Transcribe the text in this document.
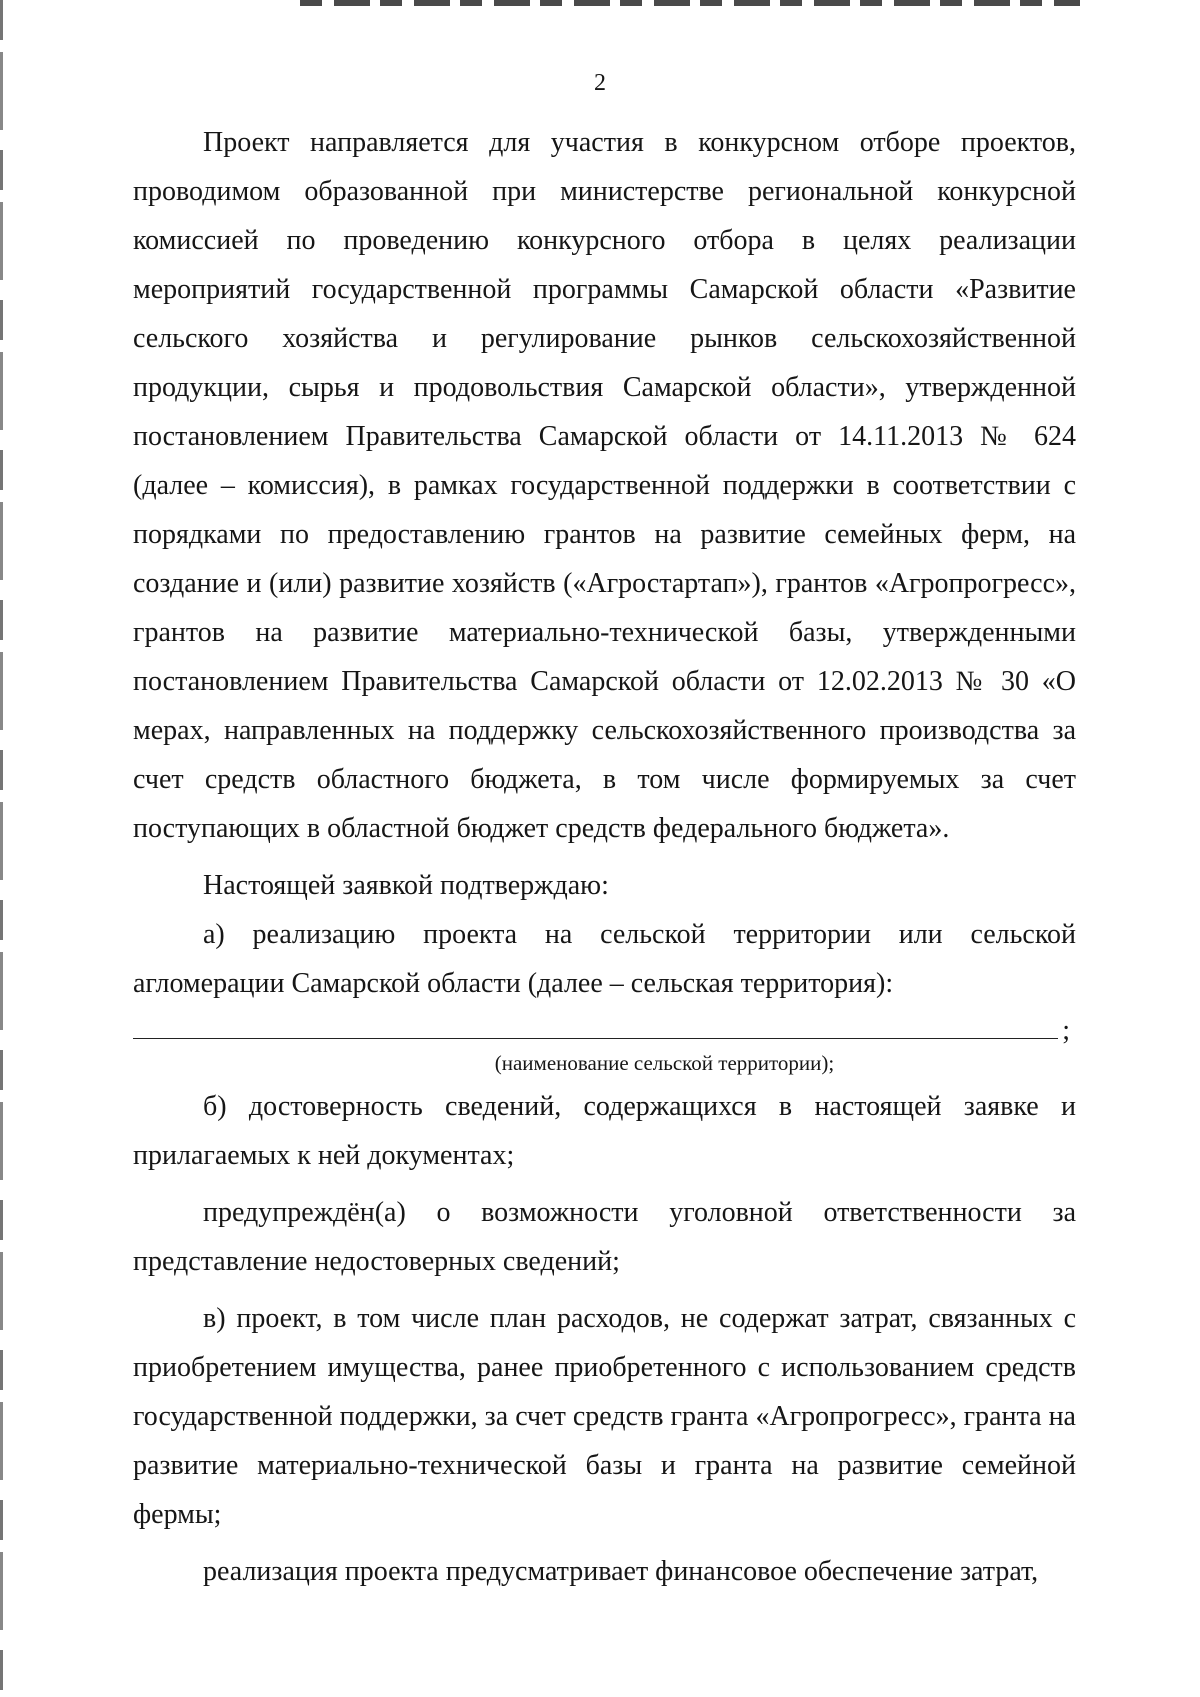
2

Проект направляется для участия в конкурсном отборе проектов, проводимом образованной при министерстве региональной конкурсной комиссией по проведению конкурсного отбора в целях реализации мероприятий государственной программы Самарской области «Развитие сельского хозяйства и регулирование рынков сельскохозяйственной продукции, сырья и продовольствия Самарской области», утвержденной постановлением Правительства Самарской области от 14.11.2013 № 624 (далее – комиссия), в рамках государственной поддержки в соответствии с порядками по предоставлению грантов на развитие семейных ферм, на создание и (или) развитие хозяйств («Агростартап»), грантов «Агропрогресс», грантов на развитие материально-технической базы, утвержденными постановлением Правительства Самарской области от 12.02.2013 № 30 «О мерах, направленных на поддержку сельскохозяйственного производства за счет средств областного бюджета, в том числе формируемых за счет поступающих в областной бюджет средств федерального бюджета».

Настоящей заявкой подтверждаю:

а) реализацию проекта на сельской территории или сельской агломерации Самарской области (далее – сельская территория):

;

(наименование сельской территории);

б) достоверность сведений, содержащихся в настоящей заявке и прилагаемых к ней документах;

предупреждён(а) о возможности уголовной ответственности за представление недостоверных сведений;

в) проект, в том числе план расходов, не содержат затрат, связанных с приобретением имущества, ранее приобретенного с использованием средств государственной поддержки, за счет средств гранта «Агропрогресс», гранта на развитие материально-технической базы и гранта на развитие семейной фермы;

реализация проекта предусматривает финансовое обеспечение затрат,
